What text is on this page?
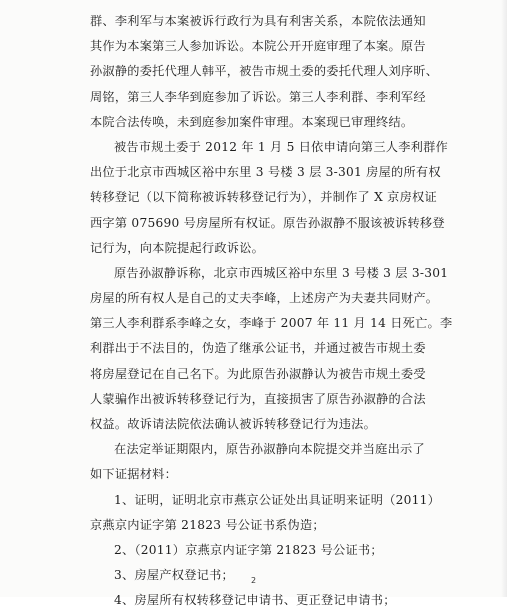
群、李利军与本案被诉行政行为具有利害关系，本院依法通知

其作为本案第三人参加诉讼。本院公开开庭审理了本案。原告

孙淑静的委托代理人韩平，被告市规土委的委托代理人刘序昕、

周铭，第三人李华到庭参加了诉讼。第三人李利群、李利军经

本院合法传唤，未到庭参加案件审理。本案现已审理终结。

被告市规土委于 2012 年 1 月 5 日依申请向第三人李利群作

出位于北京市西城区裕中东里 3 号楼 3 层 3-301 房屋的所有权

转移登记（以下简称被诉转移登记行为），并制作了 X 京房权证

西字第 075690 号房屋所有权证。原告孙淑静不服该被诉转移登

记行为，向本院提起行政诉讼。

原告孙淑静诉称，北京市西城区裕中东里 3 号楼 3 层 3-301

房屋的所有权人是自己的丈夫李峰，上述房产为夫妻共同财产。

第三人李利群系李峰之女，李峰于 2007 年 11 月 14 日死亡。李

利群出于不法目的，伪造了继承公证书，并通过被告市规土委

将房屋登记在自己名下。为此原告孙淑静认为被告市规土委受

人蒙骗作出被诉转移登记行为，直接损害了原告孙淑静的合法

权益。故诉请法院依法确认被诉转移登记行为违法。

在法定举证期限内，原告孙淑静向本院提交并当庭出示了

如下证据材料：

1、证明，证明北京市燕京公证处出具证明来证明（2011）

京燕京内证字第 21823 号公证书系伪造；

2、（2011）京燕京内证字第 21823 号公证书；

3、房屋产权登记书；

4、房屋所有权转移登记申请书、更正登记申请书；

2
